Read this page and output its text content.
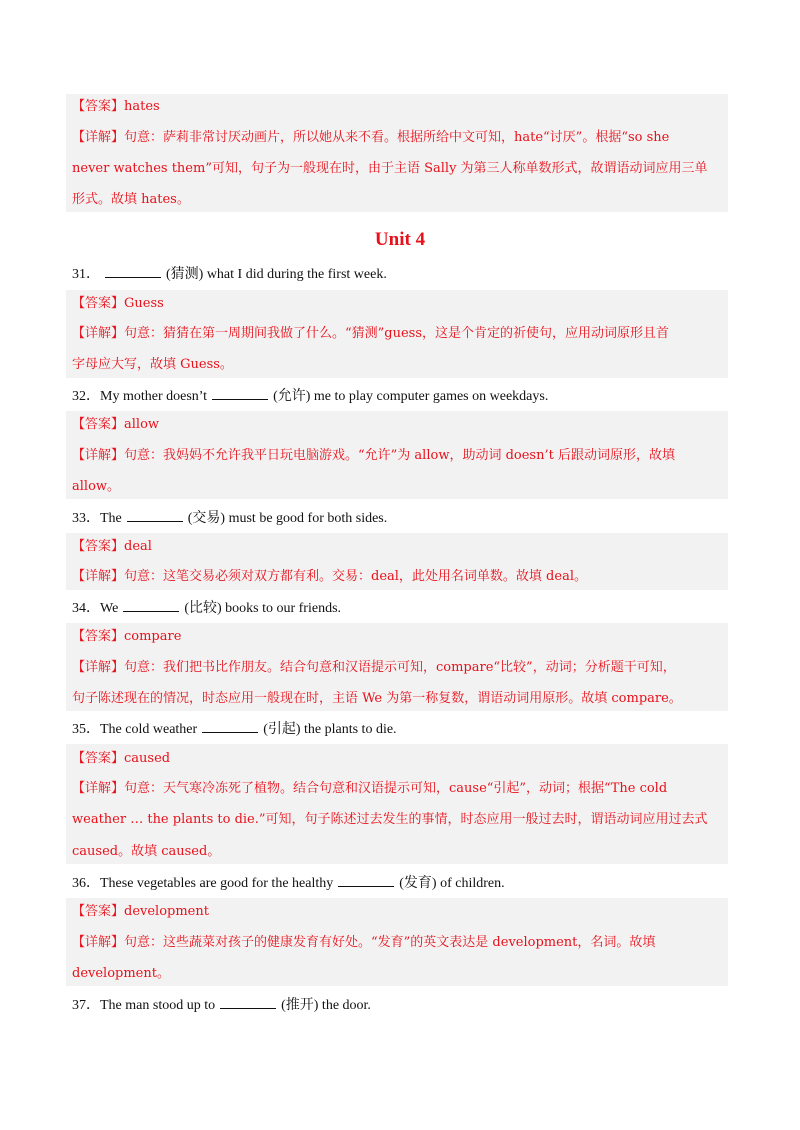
【答案】hates
【详解】句意：萨莉非常讨厌动画片，所以她从来不看。根据所给中文可知，hate“讨厌”。根据“so she
never watches them”可知，句子为一般现在时，由于主语 Sally 为第三人称单数形式，故谓语动词应用三单
形式。故填 hates。
Unit 4
31．	(猜测) what I did during the first week.
【答案】Guess
【详解】句意：猜猜在第一周期间我做了什么。“猜测”guess，这是个肯定的祈使句，应用动词原形且首
字母应大写，故填 Guess。
32．My mother doesn’t	(允许) me to play computer games on weekdays.
【答案】allow
【详解】句意：我妈妈不允许我平日玩电脑游戏。“允许”为 allow，助动词 doesn’t 后跟动词原形，故填
allow。
33．The	(交易) must be good for both sides.
【答案】deal
【详解】句意：这笔交易必须对双方都有利。交易：deal，此处用名词单数。故填 deal。
34．We	(比较) books to our friends.
【答案】compare
【详解】句意：我们把书比作朋友。结合句意和汉语提示可知，compare“比较”，动词；分析题干可知，
句子陈述现在的情况，时态应用一般现在时，主语 We 为第一称复数，谓语动词用原形。故填 compare。
35．The cold weather	(引起) the plants to die.
【答案】caused
【详解】句意：天气寒冷冻死了植物。结合句意和汉语提示可知，cause“引起”，动词；根据“The cold
weather … the plants to die.”可知，句子陈述过去发生的事情，时态应用一般过去时，谓语动词应用过去式
caused。故填 caused。
36．These vegetables are good for the healthy	(发育) of children.
【答案】development
【详解】句意：这些蔬菜对孩子的健康发育有好处。“发育”的英文表达是 development，名词。故填
development。
37．The man stood up to	(推开) the door.
